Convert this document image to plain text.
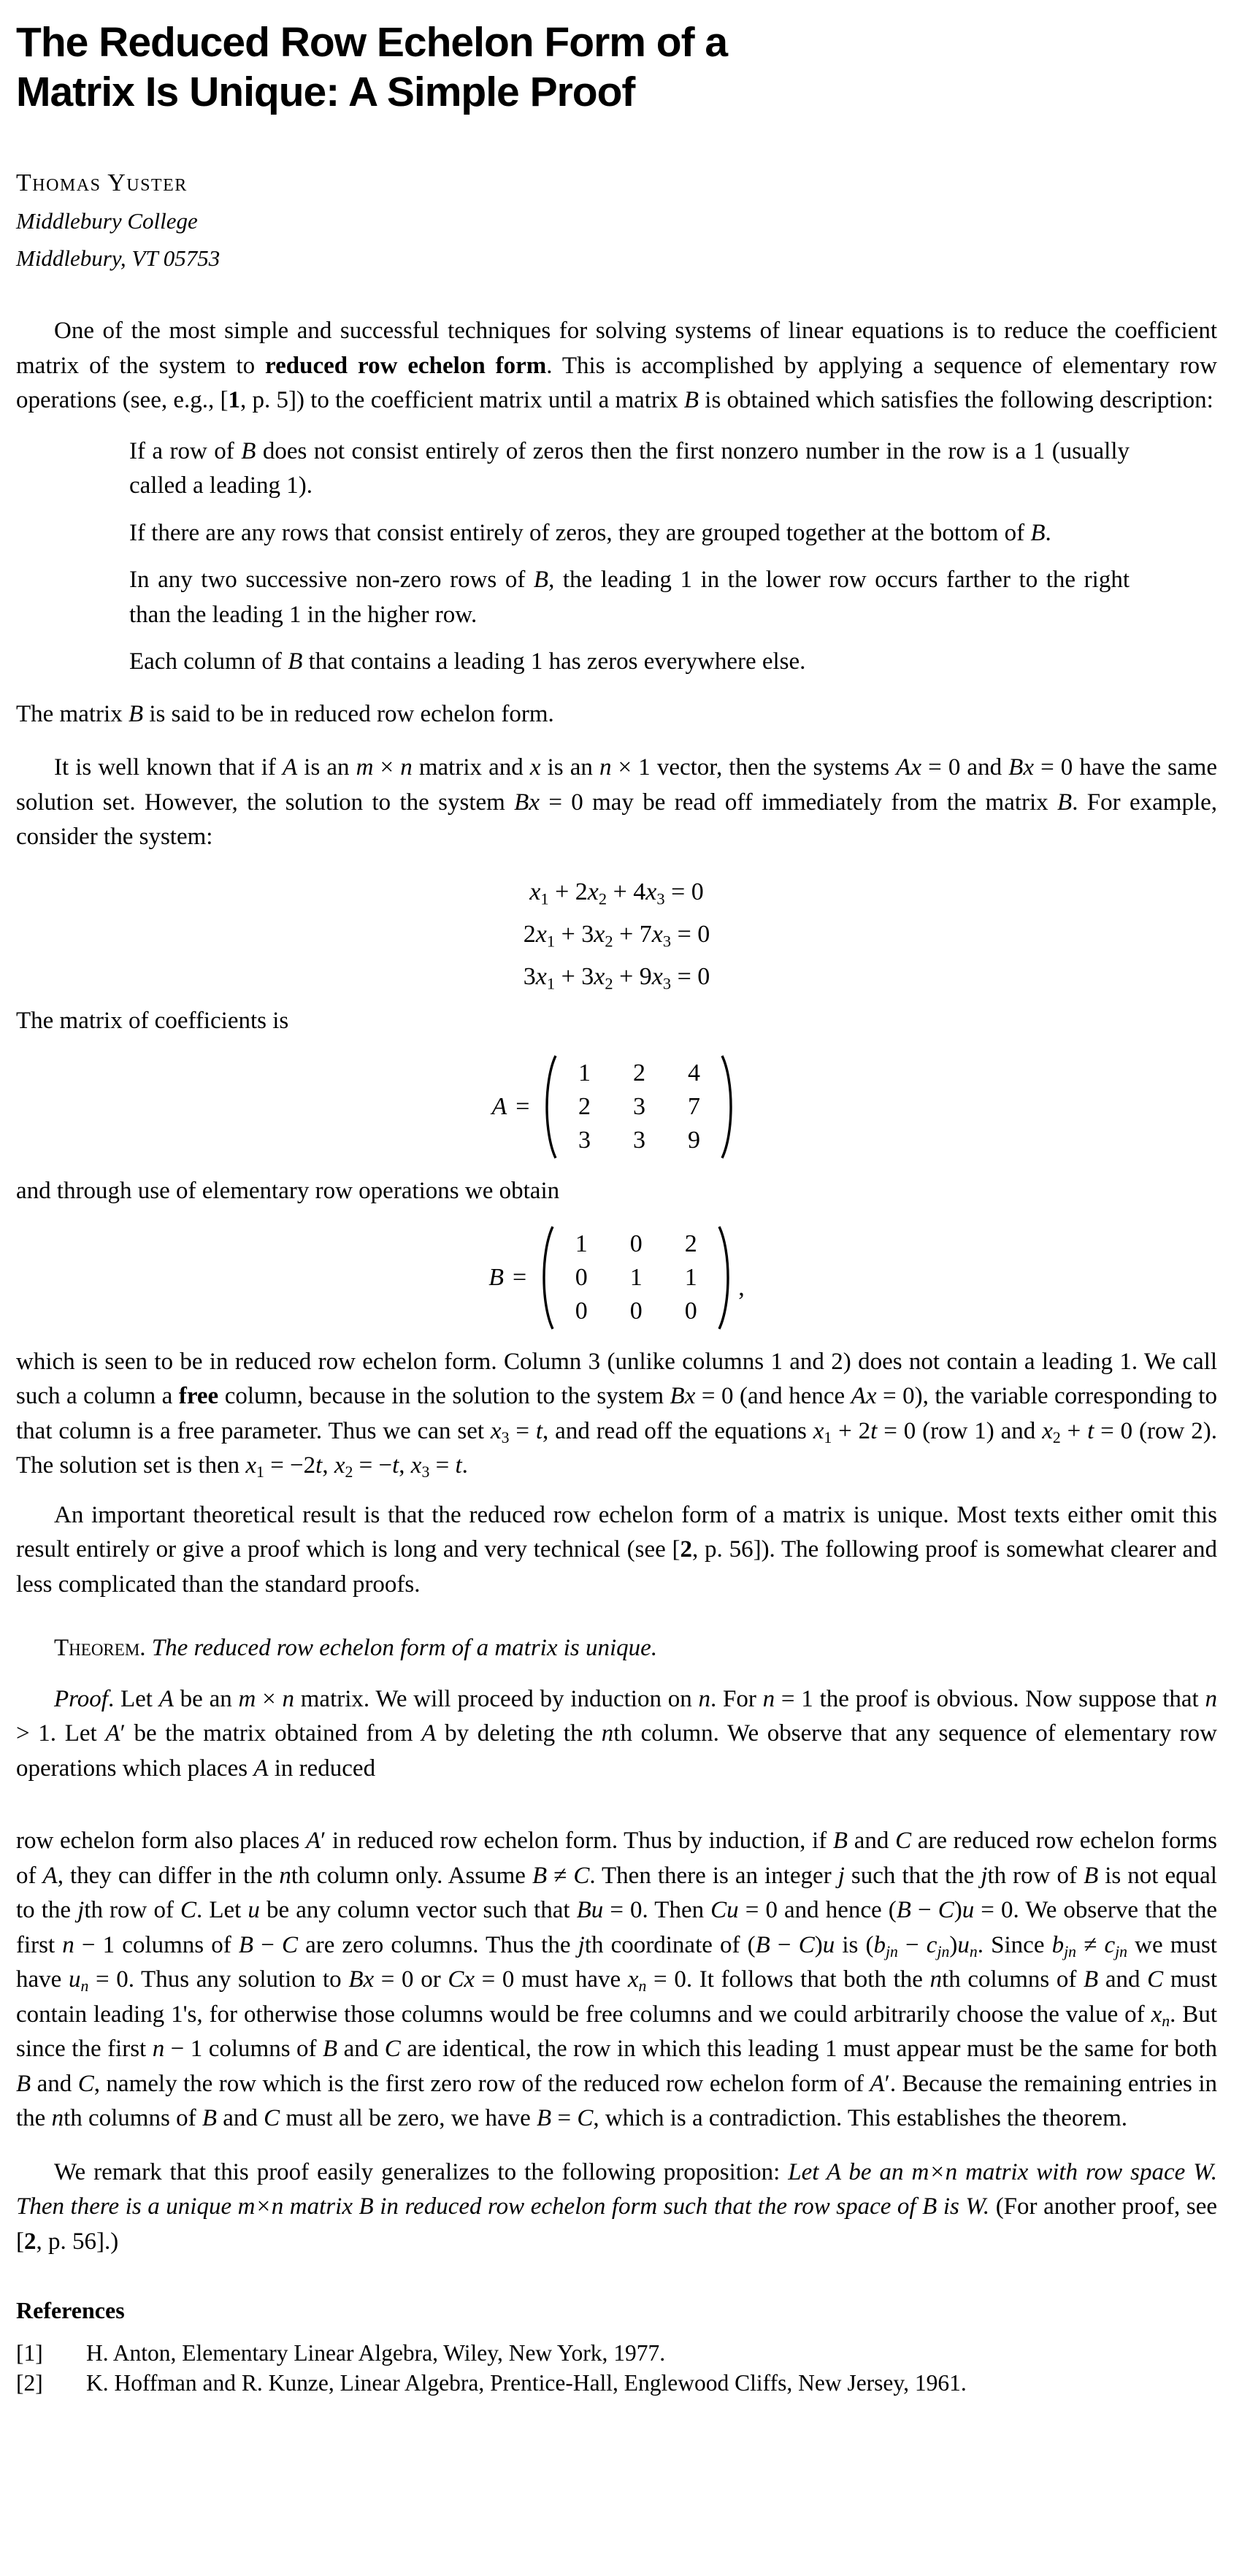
The Reduced Row Echelon Form of a
Matrix Is Unique: A Simple Proof
Thomas Yuster
Middlebury College
Middlebury, VT 05753

One of the most simple and successful techniques for solving systems of linear equations is to reduce the coefficient matrix of the system to reduced row echelon form. This is accomplished by applying a sequence of elementary row operations (see, e.g., [1, p. 5]) to the coefficient matrix until a matrix B is obtained which satisfies the following description:

If a row of B does not consist entirely of zeros then the first nonzero number in the row is a 1 (usually called a leading 1).

If there are any rows that consist entirely of zeros, they are grouped together at the bottom of B.

In any two successive non-zero rows of B, the leading 1 in the lower row occurs farther to the right than the leading 1 in the higher row.

Each column of B that contains a leading 1 has zeros everywhere else.

The matrix B is said to be in reduced row echelon form.

It is well known that if A is an m × n matrix and x is an n × 1 vector, then the systems Ax = 0 and Bx = 0 have the same solution set. However, the solution to the system Bx = 0 may be read off immediately from the matrix B. For example, consider the system:

$x_1 + 2x_2 + 4x_3 = 0$
$2x_1 + 3x_2 + 7x_3 = 0$
$3x_1 + 3x_2 + 9x_3 = 0$

The matrix of coefficients is

A =
1	2	4
2	3	7
3	3	9

and through use of elementary row operations we obtain

B =
1	0	2
0	1	1
0	0	0
,

which is seen to be in reduced row echelon form. Column 3 (unlike columns 1 and 2) does not contain a leading 1. We call such a column a free column, because in the solution to the system Bx = 0 (and hence Ax = 0), the variable corresponding to that column is a free parameter. Thus we can set $x_3 = t$, and read off the equations $x_1 + 2t = 0$ (row 1) and $x_2 + t = 0$ (row 2). The solution set is then $x_1 = -2t$, $x_2 = -t$, $x_3 = t$.

An important theoretical result is that the reduced row echelon form of a matrix is unique. Most texts either omit this result entirely or give a proof which is long and very technical (see [2, p. 56]). The following proof is somewhat clearer and less complicated than the standard proofs.

Theorem. The reduced row echelon form of a matrix is unique.

Proof. Let A be an m × n matrix. We will proceed by induction on n. For n = 1 the proof is obvious. Now suppose that n > 1. Let A′ be the matrix obtained from A by deleting the nth column. We observe that any sequence of elementary row operations which places A in reduced

row echelon form also places A′ in reduced row echelon form. Thus by induction, if B and C are reduced row echelon forms of A, they can differ in the nth column only. Assume B ≠ C. Then there is an integer j such that the jth row of B is not equal to the jth row of C. Let u be any column vector such that Bu = 0. Then Cu = 0 and hence (B − C)u = 0. We observe that the first n − 1 columns of B − C are zero columns. Thus the jth coordinate of (B − C)u is $(b_{jn} - c_{jn})u_n$. Since $b_{jn} \ne c_{jn}$ we must have $u_n = 0$. Thus any solution to Bx = 0 or Cx = 0 must have $x_n = 0$. It follows that both the nth columns of B and C must contain leading 1's, for otherwise those columns would be free columns and we could arbitrarily choose the value of $x_n$. But since the first n − 1 columns of B and C are identical, the row in which this leading 1 must appear must be the same for both B and C, namely the row which is the first zero row of the reduced row echelon form of A′. Because the remaining entries in the nth columns of B and C must all be zero, we have B = C, which is a contradiction. This establishes the theorem.

We remark that this proof easily generalizes to the following proposition: Let A be an m×n matrix with row space W. Then there is a unique m×n matrix B in reduced row echelon form such that the row space of B is W. (For another proof, see [2, p. 56].)

References
[1]	H. Anton, Elementary Linear Algebra, Wiley, New York, 1977.
[2]	K. Hoffman and R. Kunze, Linear Algebra, Prentice-Hall, Englewood Cliffs, New Jersey, 1961.
